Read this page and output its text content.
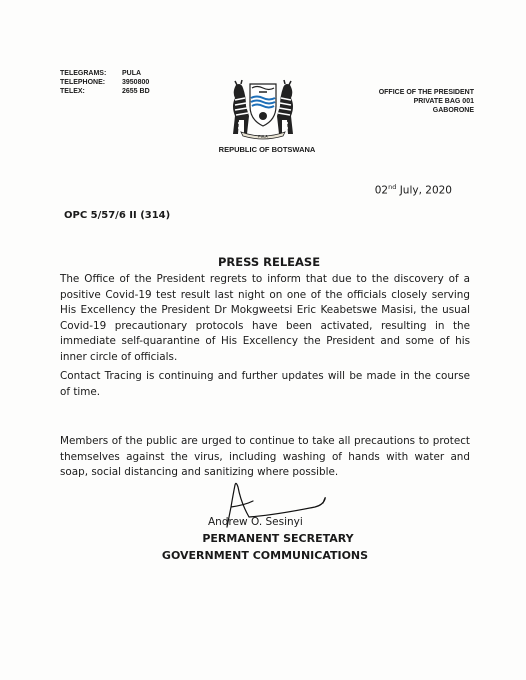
TELEGRAMS:	PULA
TELEPHONE:	3950800
TELEX:	2655 BD
PULA
OFFICE OF THE PRESIDENT
PRIVATE BAG 001
GABORONE
REPUBLIC OF BOTSWANA
02nd July, 2020
OPC 5/57/6 II (314)
PRESS RELEASE

The Office of the President regrets to inform that due to the discovery of a positive Covid-19 test result last night on one of the officials closely serving His Excellency the President Dr Mokgweetsi Eric Keabetswe Masisi, the usual Covid-19 precautionary protocols have been activated, resulting in the immediate self-quarantine of His Excellency the President and some of his inner circle of officials.

Contact Tracing is continuing and further updates will be made in the course of time.

Members of the public are urged to continue to take all precautions to protect themselves against the virus, including washing of hands with water and soap, social distancing and sanitizing where possible.

Andrew O. Sesinyi
PERMANENT SECRETARY
GOVERNMENT COMMUNICATIONS
